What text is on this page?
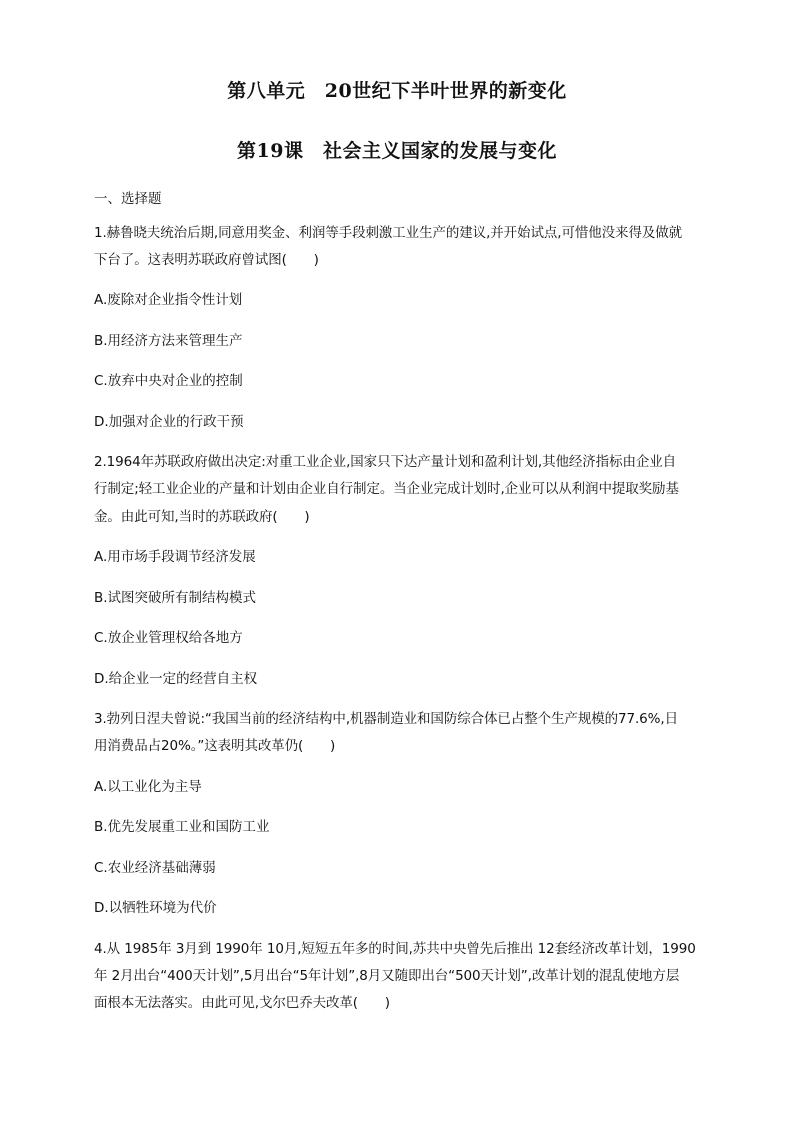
第八单元　20世纪下半叶世界的新变化
第19课　社会主义国家的发展与变化
一、选择题
1.赫鲁晓夫统治后期,同意用奖金、利润等手段刺激工业生产的建议,并开始试点,可惜他没来得及做就
下台了。这表明苏联政府曾试图(　　)
A.废除对企业指令性计划
B.用经济方法来管理生产
C.放弃中央对企业的控制
D.加强对企业的行政干预
2.1964年苏联政府做出决定:对重工业企业,国家只下达产量计划和盈利计划,其他经济指标由企业自
行制定;轻工业企业的产量和计划由企业自行制定。当企业完成计划时,企业可以从利润中提取奖励基
金。由此可知,当时的苏联政府(　　)
A.用市场手段调节经济发展
B.试图突破所有制结构模式
C.放企业管理权给各地方
D.给企业一定的经营自主权
3.勃列日涅夫曾说:“我国当前的经济结构中,机器制造业和国防综合体已占整个生产规模的77.6%,日
用消费品占20%。”这表明其改革仍(　　)
A.以工业化为主导
B.优先发展重工业和国防工业
C.农业经济基础薄弱
D.以牺牲环境为代价
4.从 1985年 3月到 1990年 10月,短短五年多的时间,苏共中央曾先后推出 12套经济改革计划，1990
年 2月出台“400天计划”,5月出台“5年计划”,8月又随即出台“500天计划”,改革计划的混乱使地方层
面根本无法落实。由此可见,戈尔巴乔夫改革(　　)
